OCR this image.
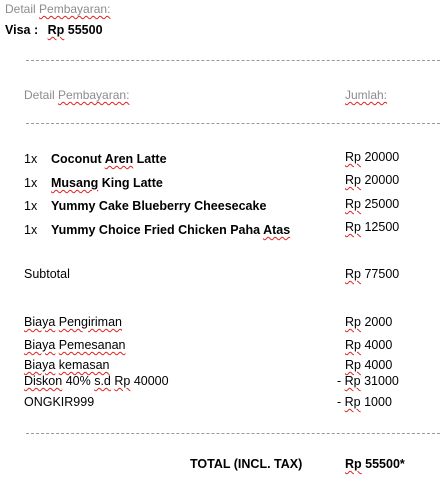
Detail Pembayaran:
Visa : Rp 55500
Detail Pembayaran:	Jumlah:
1x Coconut Aren Latte	Rp 20000
1x Musang King Latte	Rp 20000
1x Yummy Cake Blueberry Cheesecake	Rp 25000
1x Yummy Choice Fried Chicken Paha Atas	Rp 12500
Subtotal	Rp 77500
Biaya Pengiriman	Rp 2000
Biaya Pemesanan	Rp 4000
Biaya kemasan	Rp 4000
Diskon 40% s.d Rp 40000	- Rp 31000
ONGKIR999	- Rp 1000
TOTAL (INCL. TAX)	Rp 55500*
